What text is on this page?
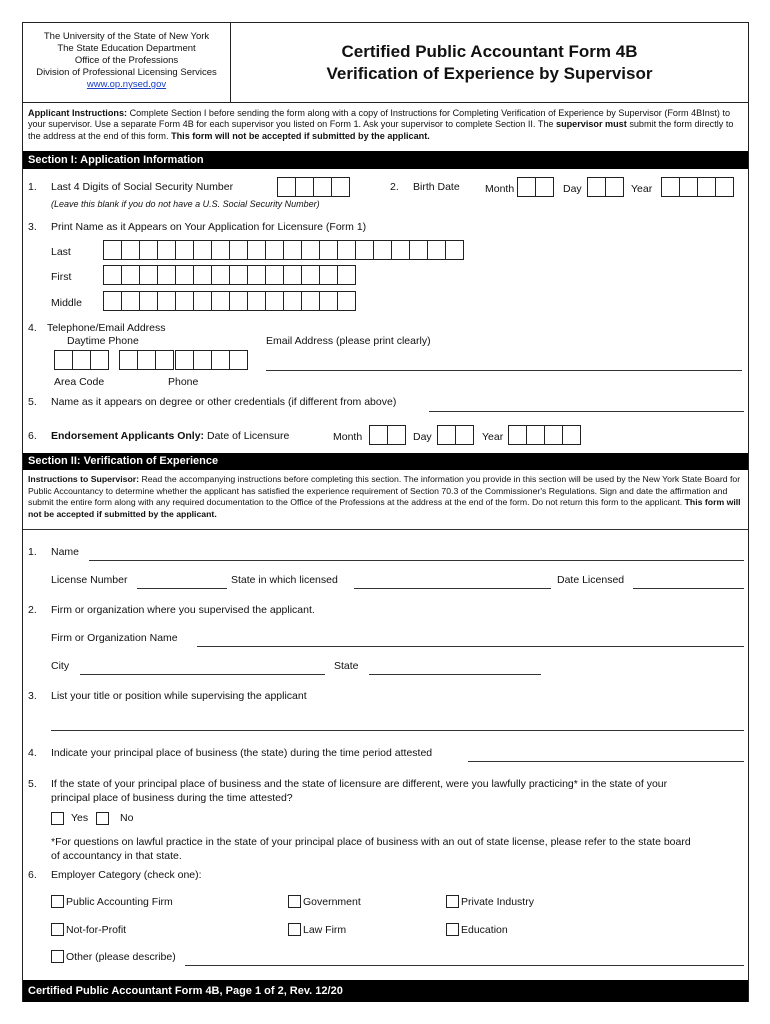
The University of the State of New York
The State Education Department
Office of the Professions
Division of Professional Licensing Services
www.op.nysed.gov
Certified Public Accountant Form 4B
Verification of Experience by Supervisor
Applicant Instructions: Complete Section I before sending the form along with a copy of Instructions for Completing Verification of Experience by Supervisor (Form 4BInst) to your supervisor. Use a separate Form 4B for each supervisor you listed on Form 1. Ask your supervisor to complete Section II. The supervisor must submit the form directly to the address at the end of this form. This form will not be accepted if submitted by the applicant.
Section I: Application Information
1. Last 4 Digits of Social Security Number
(Leave this blank if you do not have a U.S. Social Security Number)
2. Birth Date Month	Day	Year
3. Print Name as it Appears on Your Application for Licensure (Form 1)
Last
First
Middle
4. Telephone/Email Address
Daytime Phone	Email Address (please print clearly)
Area Code	Phone
5. Name as it appears on degree or other credentials (if different from above)
6. Endorsement Applicants Only: Date of Licensure	Month	Day	Year
Section II: Verification of Experience
Instructions to Supervisor: Read the accompanying instructions before completing this section. The information you provide in this section will be used by the New York State Board for Public Accountancy to determine whether the applicant has satisfied the experience requirement of Section 70.3 of the Commissioner's Regulations. Sign and date the affirmation and submit the entire form along with any required documentation to the Office of the Professions at the address at the end of the form. Do not return this form to the applicant. This form will not be accepted if submitted by the applicant.
1. Name
License Number	State in which licensed	Date Licensed
2. Firm or organization where you supervised the applicant.
Firm or Organization Name
City	State
3. List your title or position while supervising the applicant
4. Indicate your principal place of business (the state) during the time period attested
5. If the state of your principal place of business and the state of licensure are different, were you lawfully practicing* in the state of your
principal place of business during the time attested?
Yes	No
*For questions on lawful practice in the state of your principal place of business with an out of state license, please refer to the state board
of accountancy in that state.
6. Employer Category (check one):
Public Accounting Firm	Government	Private Industry
Not-for-Profit	Law Firm	Education
Other (please describe)
Certified Public Accountant Form 4B, Page 1 of 2, Rev. 12/20
